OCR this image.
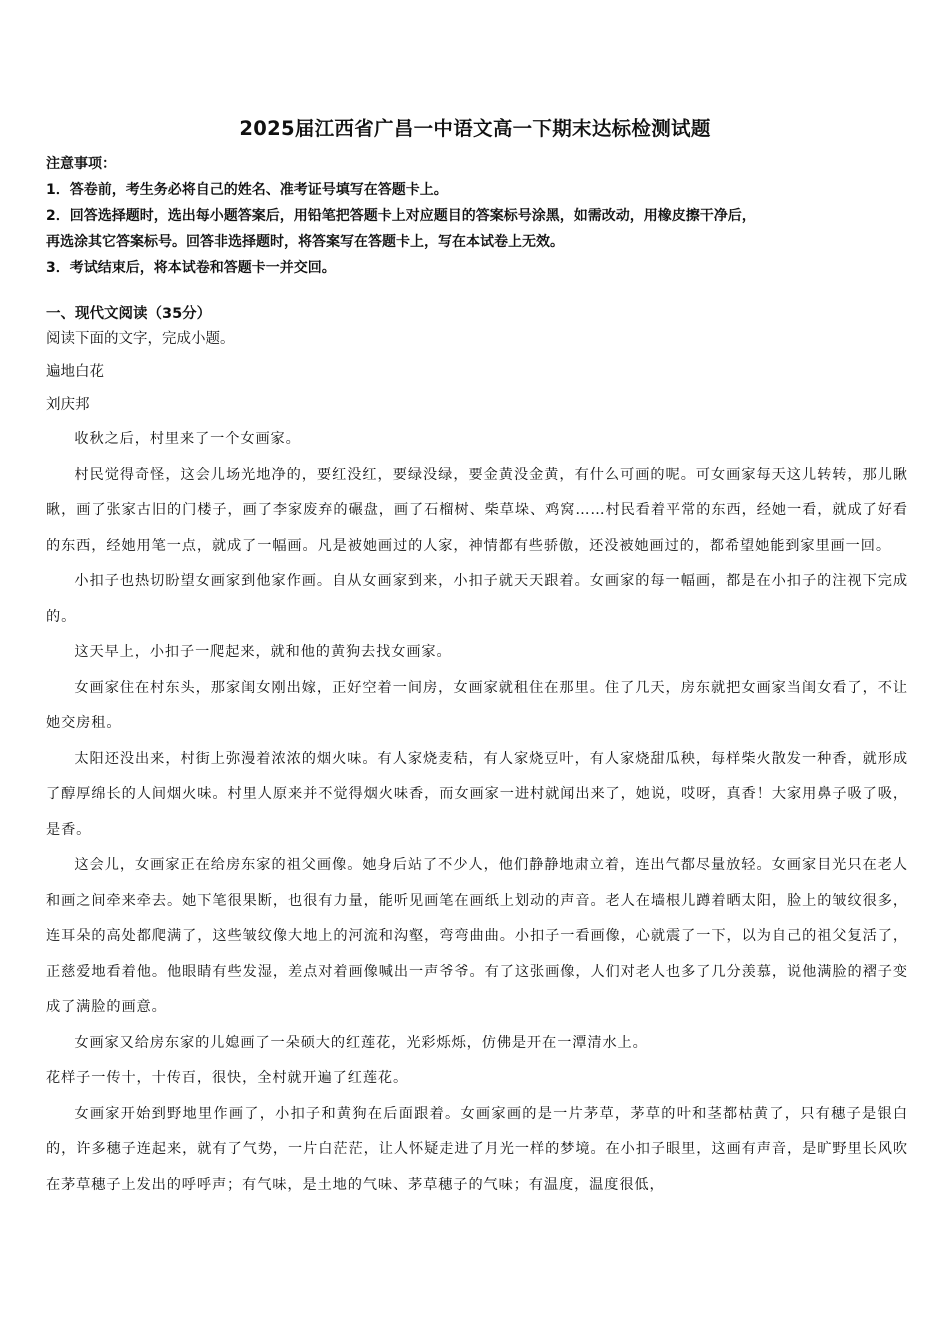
2025届江西省广昌一中语文高一下期末达标检测试题
注意事项：
1．答卷前，考生务必将自己的姓名、准考证号填写在答题卡上。
2．回答选择题时，选出每小题答案后，用铅笔把答题卡上对应题目的答案标号涂黑，如需改动，用橡皮擦干净后，
再选涂其它答案标号。回答非选择题时，将答案写在答题卡上，写在本试卷上无效。
3．考试结束后，将本试卷和答题卡一并交回。
一、现代文阅读（35分）
阅读下面的文字，完成小题。
遍地白花
刘庆邦

收秋之后，村里来了一个女画家。

村民觉得奇怪，这会儿场光地净的，要红没红，要绿没绿，要金黄没金黄，有什么可画的呢。可女画家每天这儿转转，那儿瞅瞅，画了张家古旧的门楼子，画了李家废弃的碾盘，画了石榴树、柴草垛、鸡窝……村民看着平常的东西，经她一看，就成了好看的东西，经她用笔一点，就成了一幅画。凡是被她画过的人家，神情都有些骄傲，还没被她画过的，都希望她能到家里画一回。

小扣子也热切盼望女画家到他家作画。自从女画家到来，小扣子就天天跟着。女画家的每一幅画，都是在小扣子的注视下完成的。

这天早上，小扣子一爬起来，就和他的黄狗去找女画家。

女画家住在村东头，那家闺女刚出嫁，正好空着一间房，女画家就租住在那里。住了几天，房东就把女画家当闺女看了，不让她交房租。

太阳还没出来，村街上弥漫着浓浓的烟火味。有人家烧麦秸，有人家烧豆叶，有人家烧甜瓜秧，每样柴火散发一种香，就形成了醇厚绵长的人间烟火味。村里人原来并不觉得烟火味香，而女画家一进村就闻出来了，她说，哎呀，真香！大家用鼻子吸了吸，是香。

这会儿，女画家正在给房东家的祖父画像。她身后站了不少人，他们静静地肃立着，连出气都尽量放轻。女画家目光只在老人和画之间牵来牵去。她下笔很果断，也很有力量，能听见画笔在画纸上划动的声音。老人在墙根儿蹲着晒太阳，脸上的皱纹很多，连耳朵的高处都爬满了，这些皱纹像大地上的河流和沟壑，弯弯曲曲。小扣子一看画像，心就震了一下，以为自己的祖父复活了，正慈爱地看着他。他眼睛有些发湿，差点对着画像喊出一声爷爷。有了这张画像，人们对老人也多了几分羡慕，说他满脸的褶子变成了满脸的画意。

女画家又给房东家的儿媳画了一朵硕大的红莲花，光彩烁烁，仿佛是开在一潭清水上。

花样子一传十，十传百，很快，全村就开遍了红莲花。

女画家开始到野地里作画了，小扣子和黄狗在后面跟着。女画家画的是一片茅草，茅草的叶和茎都枯黄了，只有穗子是银白的，许多穗子连起来，就有了气势，一片白茫茫，让人怀疑走进了月光一样的梦境。在小扣子眼里，这画有声音，是旷野里长风吹在茅草穗子上发出的呼呼声；有气味，是土地的气味、茅草穗子的气味；有温度，温度很低，
